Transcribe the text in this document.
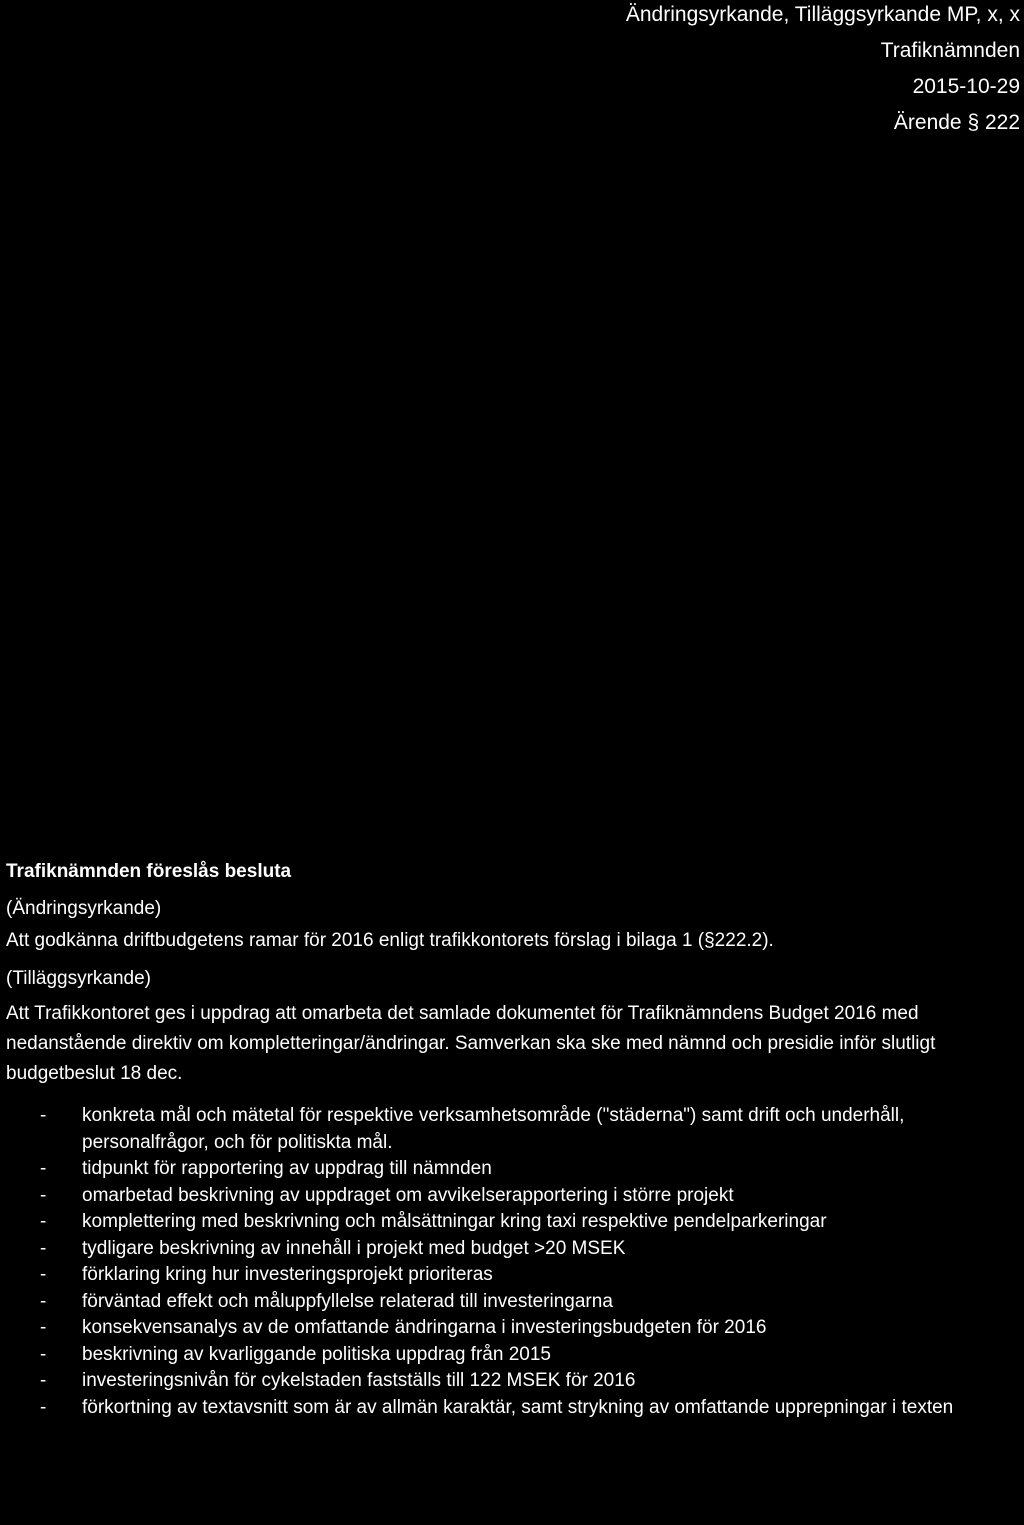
Ändringsyrkande, Tilläggsyrkande MP, x, x
Trafiknämnden
2015-10-29
Ärende § 222
Trafiknämnden föreslås besluta
(Ändringsyrkande)
Att godkänna driftbudgetens ramar för 2016 enligt trafikkontorets förslag i bilaga 1 (§222.2).
(Tilläggsyrkande)
Att Trafikkontoret ges i uppdrag att omarbeta det samlade dokumentet för Trafiknämndens Budget 2016 med nedanstående direktiv om kompletteringar/ändringar. Samverkan ska ske med nämnd och presidie inför slutligt budgetbeslut 18 dec.
- konkreta mål och mätetal för respektive verksamhetsområde ("städerna") samt drift och underhåll, personalfrågor, och för politiskta mål.
- tidpunkt för rapportering av uppdrag till nämnden
- omarbetad beskrivning av uppdraget om avvikelserapportering i större projekt
- komplettering med beskrivning och målsättningar kring taxi respektive pendelparkeringar
- tydligare beskrivning av innehåll i projekt med budget >20 MSEK
- förklaring kring hur investeringsprojekt prioriteras
- förväntad effekt och måluppfyllelse relaterad till investeringarna
- konsekvensanalys av de omfattande ändringarna i investeringsbudgeten för 2016
- beskrivning av kvarliggande politiska uppdrag från 2015
- investeringsnivån för cykelstaden fastställs till 122 MSEK för 2016
- förkortning av textavsnitt som är av allmän karaktär, samt strykning av omfattande upprepningar i texten
